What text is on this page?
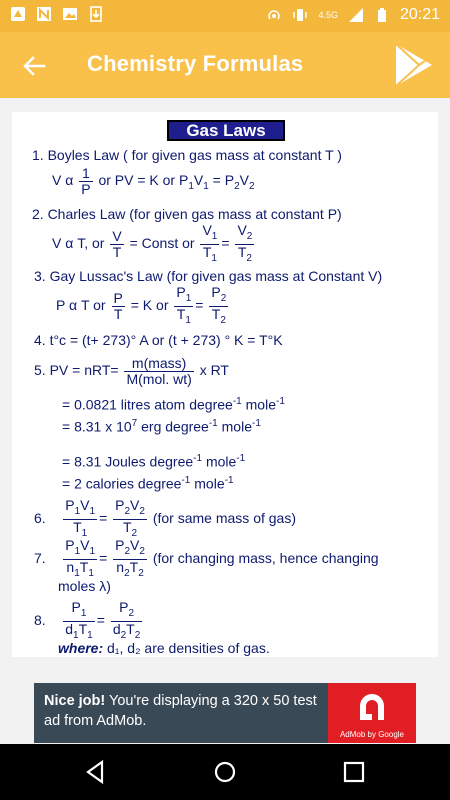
4.5G	20:21
Chemistry Formulas
Gas Laws
1. Boyles Law ( for given gas mass at constant T )
V α $\frac{1}{P}$ or PV = K or $P_1V_1 = P_2V_2$
2. Charles Law (for given gas mass at constant P)
V α T, or $\frac{V}{T}$ = Const or $\frac{V_1}{T_1} = \frac{V_2}{T_2}$
3. Gay Lussac's Law (for given gas mass at Constant V)
P α T or $\frac{P}{T} = K$ or $\frac{P_1}{T_1} = \frac{P_2}{T_2}$
4. t°c = (t+ 273)° A or (t + 273) ° K = T°K
5. PV = $nRT= \frac{\text{m(mass)}}{\text{M(mol. wt)}}$ x RT
= 0.0821 litres atom degree$^{-1}$ mole$^{-1}$
= 8.31 x $10^7$ erg degree$^{-1}$ mole$^{-1}$
= 8.31 Joules degree$^{-1}$ mole$^{-1}$
= 2 calories degree$^{-1}$ mole$^{-1}$
6. $\frac{P_1V_1}{T_1} = \frac{P_2V_2}{T_2} (for$ same mass of gas)
7. $\frac{P_1V_1}{n_1T_1} = \frac{P_2V_2}{n_2T_2} (for$ changing mass, hence changing
moles λ)
8. $\frac{P_1}{d_1T_1} = \frac{P_2}{d_2T_2}$
where: d₁, d₂ are densities of gas.
Nice job! You're displaying a 320 x 50 test ad from AdMob.
AdMob by Google
